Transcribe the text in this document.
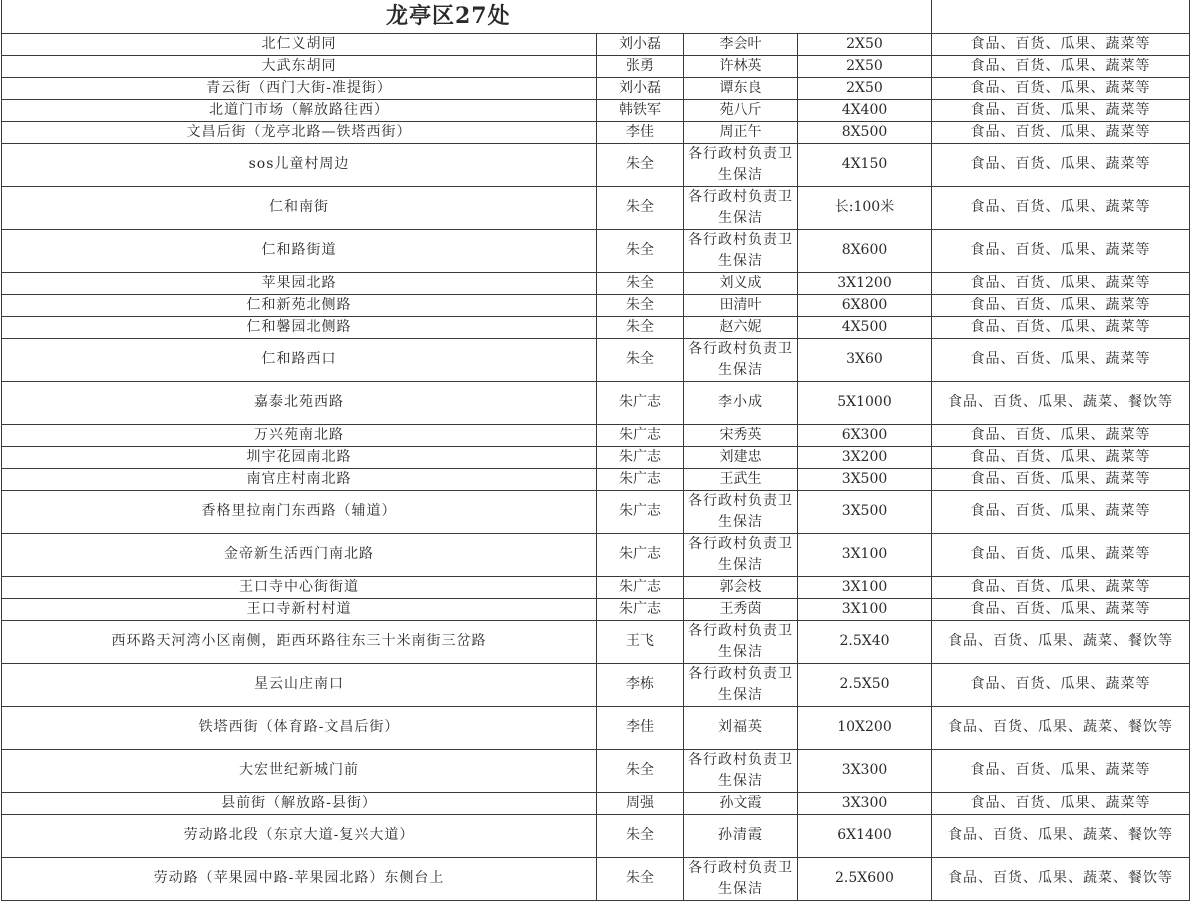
龙亭区27处				
北仁义胡同	刘小磊	李会叶	2X50	食品、百货、瓜果、蔬菜等
大武东胡同	张勇	许林英	2X50	食品、百货、瓜果、蔬菜等
青云街（西门大街-准提街）	刘小磊	谭东良	2X50	食品、百货、瓜果、蔬菜等
北道门市场（解放路往西）	韩铁军	苑八斤	4X400	食品、百货、瓜果、蔬菜等
文昌后街（龙亭北路—铁塔西街）	李佳	周正午	8X500	食品、百货、瓜果、蔬菜等
sos儿童村周边	朱全	各行政村负责卫生保洁	4X150	食品、百货、瓜果、蔬菜等
仁和南街	朱全	各行政村负责卫生保洁	长:100米	食品、百货、瓜果、蔬菜等
仁和路街道	朱全	各行政村负责卫生保洁	8X600	食品、百货、瓜果、蔬菜等
苹果园北路	朱全	刘义成	3X1200	食品、百货、瓜果、蔬菜等
仁和新苑北侧路	朱全	田清叶	6X800	食品、百货、瓜果、蔬菜等
仁和馨园北侧路	朱全	赵六妮	4X500	食品、百货、瓜果、蔬菜等
仁和路西口	朱全	各行政村负责卫生保洁	3X60	食品、百货、瓜果、蔬菜等
嘉泰北苑西路	朱广志	李小成	5X1000	食品、百货、瓜果、蔬菜、餐饮等
万兴苑南北路	朱广志	宋秀英	6X300	食品、百货、瓜果、蔬菜等
圳宇花园南北路	朱广志	刘建忠	3X200	食品、百货、瓜果、蔬菜等
南官庄村南北路	朱广志	王武生	3X500	食品、百货、瓜果、蔬菜等
香格里拉南门东西路（辅道）	朱广志	各行政村负责卫生保洁	3X500	食品、百货、瓜果、蔬菜等
金帝新生活西门南北路	朱广志	各行政村负责卫生保洁	3X100	食品、百货、瓜果、蔬菜等
王口寺中心街街道	朱广志	郭会枝	3X100	食品、百货、瓜果、蔬菜等
王口寺新村村道	朱广志	王秀茵	3X100	食品、百货、瓜果、蔬菜等
西环路天河湾小区南侧，距西环路往东三十米南街三岔路	王飞	各行政村负责卫生保洁	2.5X40	食品、百货、瓜果、蔬菜、餐饮等
星云山庄南口	李栋	各行政村负责卫生保洁	2.5X50	食品、百货、瓜果、蔬菜等
铁塔西街（体育路-文昌后街）	李佳	刘福英	10X200	食品、百货、瓜果、蔬菜、餐饮等
大宏世纪新城门前	朱全	各行政村负责卫生保洁	3X300	食品、百货、瓜果、蔬菜等
县前街（解放路-县街）	周强	孙文霞	3X300	食品、百货、瓜果、蔬菜等
劳动路北段（东京大道-复兴大道）	朱全	孙清霞	6X1400	食品、百货、瓜果、蔬菜、餐饮等
劳动路（苹果园中路-苹果园北路）东侧台上	朱全	各行政村负责卫生保洁	2.5X600	食品、百货、瓜果、蔬菜、餐饮等
